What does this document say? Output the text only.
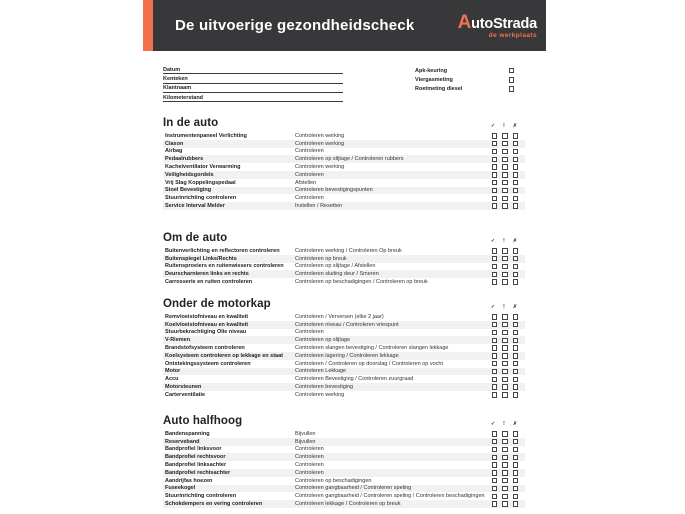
De uitvoerige gezondheidscheck AutoStrada
de werkplaats
Datum
Kenteken
Klantnaam
Kilometerstand
Apk-keuring
Viergasmeting
Roetmeting diesel
In de auto	✓	!	✗
Instrumentenpaneel Verlichting	Controleren werking
Claxon	Controleren werking
Airbag	Controleren
Pedaalrubbers	Controleren op slijtage / Controleren rubbers
Kachelventilator Verwarming	Controleren werking
Veiligheidsgordels	Controleren
Vrij Slag Koppelingspedaal	Afstellen
Stoel Bevestiging	Controleren bevestigingspunten
Stuurinrichting controleren	Controleren
Service Interval Melder	Instellen / Resetten
Om de auto	✓	!	✗
Buitenverlichting en reflectoren controleren	Controleren werking / Controleren Op breuk
Buitenspiegel Links/Rechts	Controleren op breuk
Ruitensproeiers en ruitenwissers controleren	Controleren op slijtage / Afstellen
Deurscharnieren links en rechts	Controleren sluiting deur / Smeren
Carrosserie en ruiten controleren	Controleren op beschadigingen / Controleren op breuk
Onder de motorkap	✓	!	✗
Remvloeistofniveau en kwaliteit	Controleren / Verversen (elke 2 jaar)
Koelvloeistofniveau en kwaliteit	Controleren niveau / Controleren vriespunt
Stuurbekrachtiging Olie niveau	Controleren
V-Riemen	Controleren op slijtage
Brandstofsysteem controleren	Controleren slangen bevestiging / Controleren slangen lekkage
Koelsysteem controleren op lekkage en staat	Controleren lagering / Controleren lekkage
Ontstekingssysteem controleren	Controleren / Controleren op doorslag / Controleren op vocht
Motor	Controleren Lekkage
Accu	Controleren Bevestiging / Controleren zuurgraad
Motorsteunen	Controleren bevestiging
Carterventilatie	Controleren werking
Auto halfhoog	✓	!	✗
Bandenspanning	Bijvullen
Reserveband	Bijvullen
Bandprofiel linksvoor	Controleren
Bandprofiel rechtsvoor	Controleren
Bandprofiel linksachter	Controleren
Bandprofiel rechtsachter	Controleren
Aandrijfas hoezen	Controleren op beschadigingen
Fuseekogel	Controleren gangbaarheid / Controleren speling
Stuurinrichting controleren	Controleren gangbaarheid / Controleren speling / Controleren beschadigingen
Schokdempers en vering controleren	Controleren lekkage / Controleren op breuk
